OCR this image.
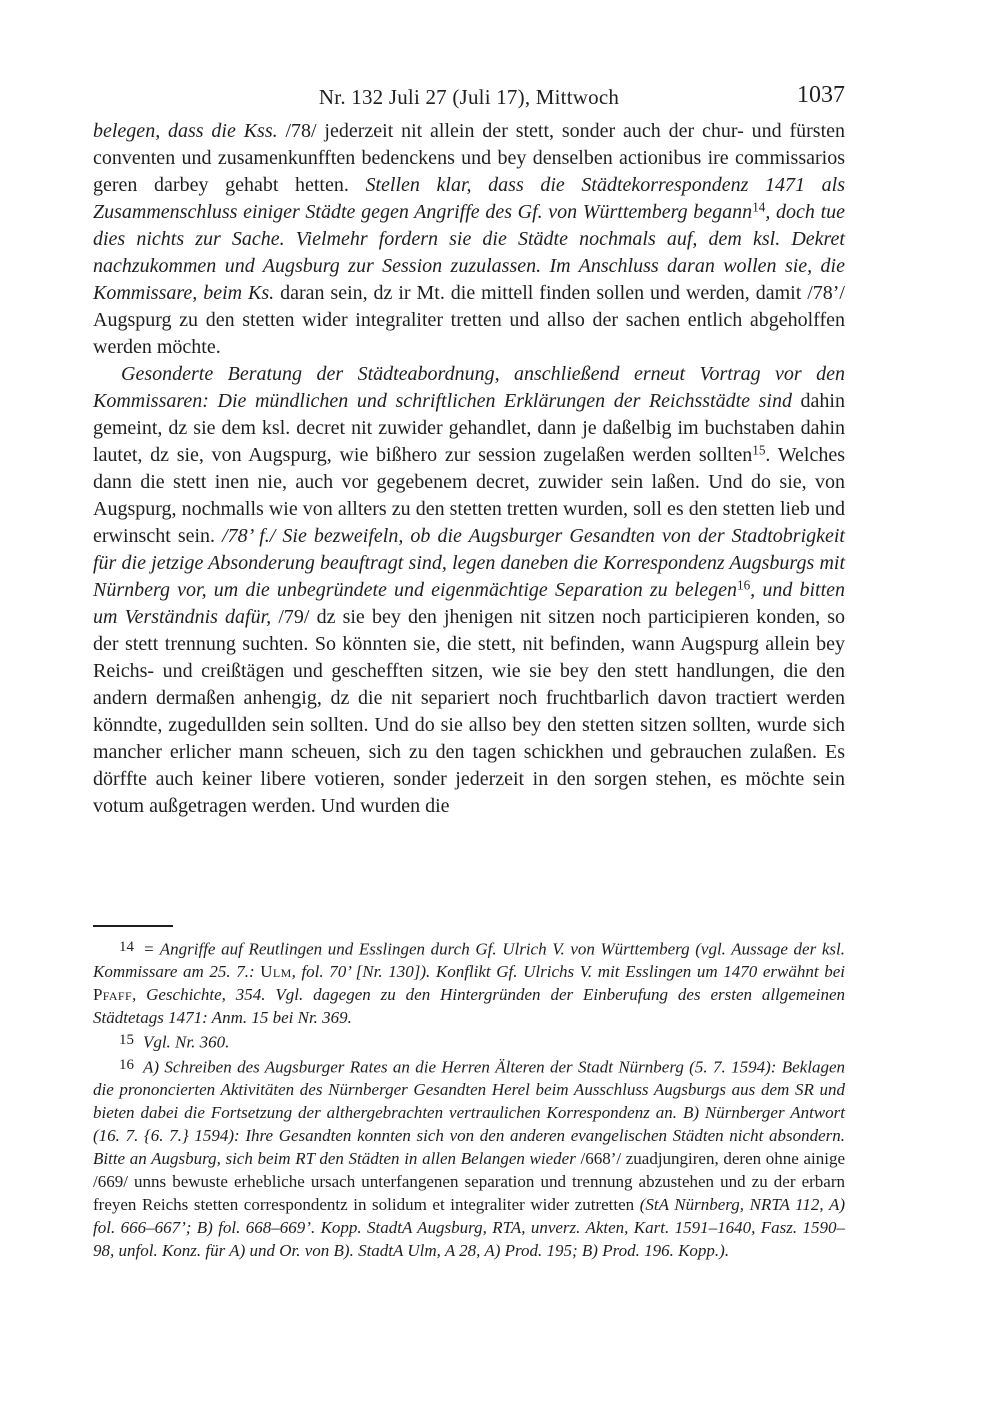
Nr. 132 Juli 27 (Juli 17), Mittwoch	1037

belegen, dass die Kss. /78/ jederzeit nit allein der stett, sonder auch der chur- und fürsten conventen und zusamenkunfften bedenckens und bey denselben actionibus ire commissarios geren darbey gehabt hetten. Stellen klar, dass die Städtekorrespondenz 1471 als Zusammenschluss einiger Städte gegen Angriffe des Gf. von Württemberg begann$^{14}$, doch tue dies nichts zur Sache. Vielmehr fordern sie die Städte nochmals auf, dem ksl. Dekret nachzukommen und Augsburg zur Session zuzulassen. Im Anschluss daran wollen sie, die Kommissare, beim Ks. daran sein, dz ir Mt. die mittell finden sollen und werden, damit /78’/ Augspurg zu den stetten wider integraliter tretten und allso der sachen entlich abgeholffen werden möchte.

Gesonderte Beratung der Städteabordnung, anschließend erneut Vortrag vor den Kommissaren: Die mündlichen und schriftlichen Erklärungen der Reichsstädte sind dahin gemeint, dz sie dem ksl. decret nit zuwider gehandlet, dann je daßelbig im buchstaben dahin lautet, dz sie, von Augspurg, wie bißhero zur session zugelaßen werden sollten$^{15}$. Welches dann die stett inen nie, auch vor gegebenem decret, zuwider sein laßen. Und do sie, von Augspurg, nochmalls wie von allters zu den stetten tretten wurden, soll es den stetten lieb und erwinscht sein. /78’ f./ Sie bezweifeln, ob die Augsburger Gesandten von der Stadtobrigkeit für die jetzige Absonderung beauftragt sind, legen daneben die Korrespondenz Augsburgs mit Nürnberg vor, um die unbegründete und eigenmächtige Separation zu belegen$^{16}$, und bitten um Verständnis dafür, /79/ dz sie bey den jhenigen nit sitzen noch participieren konden, so der stett trennung suchten. So könnten sie, die stett, nit befinden, wann Augspurg allein bey Reichs- und creißtägen und geschefften sitzen, wie sie bey den stett handlungen, die den andern dermaßen anhengig, dz die nit separiert noch fruchtbarlich davon tractiert werden könndte, zugedullden sein sollten. Und do sie allso bey den stetten sitzen sollten, wurde sich mancher erlicher mann scheuen, sich zu den tagen schickhen und gebrauchen zulaßen. Es dörffte auch keiner libere votieren, sonder jederzeit in den sorgen stehen, es möchte sein votum außgetragen werden. Und wurden die

14 = Angriffe auf Reutlingen und Esslingen durch Gf. Ulrich V. von Württemberg (vgl. Aussage der ksl. Kommissare am 25. 7.: Ulm, fol. 70’ [Nr. 130]). Konflikt Gf. Ulrichs V. mit Esslingen um 1470 erwähnt bei Pfaff, Geschichte, 354. Vgl. dagegen zu den Hintergründen der Einberufung des ersten allgemeinen Städtetags 1471: Anm. 15 bei Nr. 369.

15 Vgl. Nr. 360.

16 A) Schreiben des Augsburger Rates an die Herren Älteren der Stadt Nürnberg (5. 7. 1594): Beklagen die prononcierten Aktivitäten des Nürnberger Gesandten Herel beim Ausschluss Augsburgs aus dem SR und bieten dabei die Fortsetzung der althergebrachten vertraulichen Korrespondenz an. B) Nürnberger Antwort (16. 7. {6. 7.} 1594): Ihre Gesandten konnten sich von den anderen evangelischen Städten nicht absondern. Bitte an Augsburg, sich beim RT den Städten in allen Belangen wieder /668’/ zuadjungiren, deren ohne ainige /669/ unns bewuste erhebliche ursach unterfangenen separation und trennung abzustehen und zu der erbarn freyen Reichs stetten correspondentz in solidum et integraliter wider zutretten (StA Nürnberg, NRTA 112, A) fol. 666–667’; B) fol. 668–669’. Kopp. StadtA Augsburg, RTA, unverz. Akten, Kart. 1591–1640, Fasz. 1590–98, unfol. Konz. für A) und Or. von B). StadtA Ulm, A 28, A) Prod. 195; B) Prod. 196. Kopp.).
